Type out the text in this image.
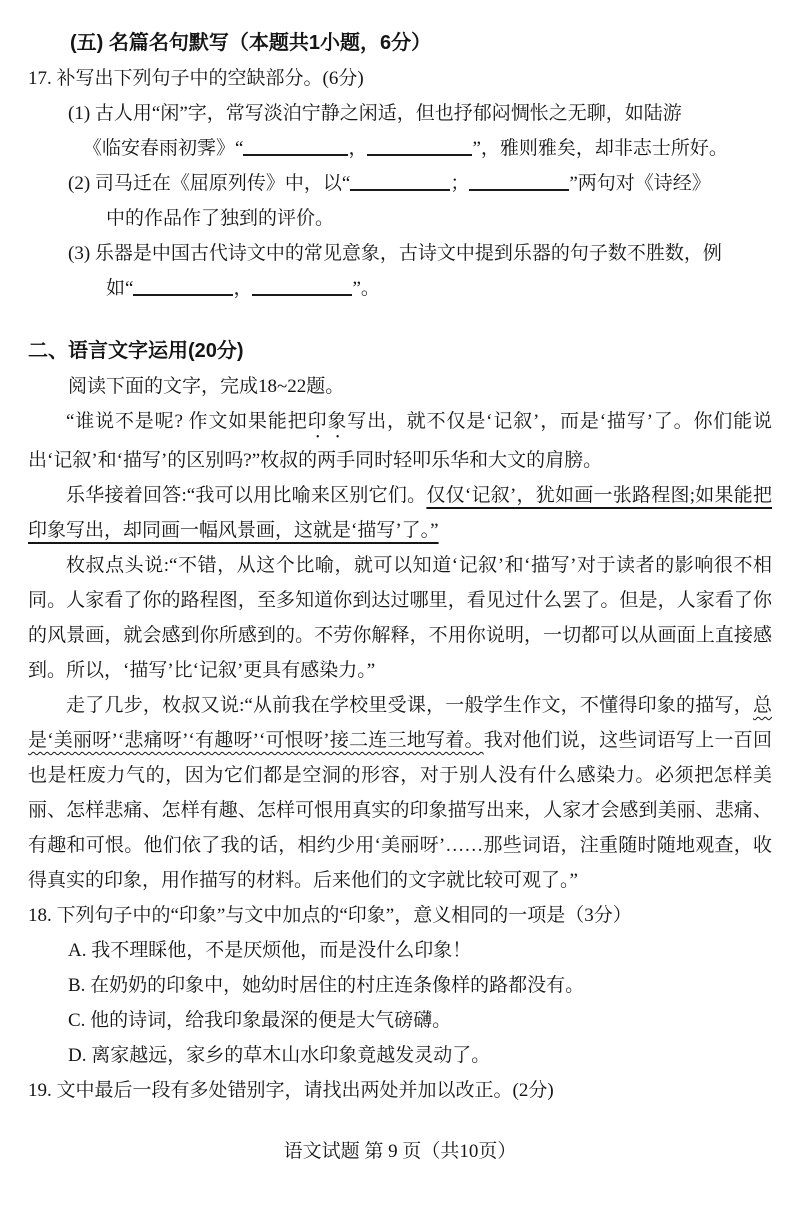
(五) 名篇名句默写（本题共1小题，6分）
17. 补写出下列句子中的空缺部分。(6分)
(1) 古人用“闲”字，常写淡泊宁静之闲适，但也抒郁闷惆怅之无聊，如陆游
《临安春雨初霁》“	，	”，雅则雅矣，却非志士所好。
(2) 司马迁在《屈原列传》中，以“	；	”两句对《诗经》
中的作品作了独到的评价。
(3) 乐器是中国古代诗文中的常见意象，古诗文中提到乐器的句子数不胜数，例
如“	，	”。
二、语言文字运用(20分)
阅读下面的文字，完成18~22题。
“谁说不是呢? 作文如果能把印象写出，就不仅是‘记叙’，而是‘描写’了。你们能说出‘记叙’和‘描写’的区别吗?”枚叔的两手同时轻叩乐华和大文的肩膀。
乐华接着回答:“我可以用比喻来区别它们。仅仅‘记叙’，犹如画一张路程图;如果能把印象写出，却同画一幅风景画，这就是‘描写’了。”
枚叔点头说:“不错，从这个比喻，就可以知道‘记叙’和‘描写’对于读者的影响很不相同。人家看了你的路程图，至多知道你到达过哪里，看见过什么罢了。但是，人家看了你的风景画，就会感到你所感到的。不劳你解释，不用你说明，一切都可以从画面上直接感到。所以，‘描写’比‘记叙’更具有感染力。”
走了几步，枚叔又说:“从前我在学校里受课，一般学生作文，不懂得印象的描写，总是‘美丽呀’‘悲痛呀’‘有趣呀’‘可恨呀’接二连三地写着。我对他们说，这些词语写上一百回也是枉废力气的，因为它们都是空洞的形容，对于别人没有什么感染力。必须把怎样美丽、怎样悲痛、怎样有趣、怎样可恨用真实的印象描写出来，人家才会感到美丽、悲痛、有趣和可恨。他们依了我的话，相约少用‘美丽呀’……那些词语，注重随时随地观查，收得真实的印象，用作描写的材料。后来他们的文字就比较可观了。”
18. 下列句子中的“印象”与文中加点的“印象”，意义相同的一项是（3分）
A. 我不理睬他，不是厌烦他，而是没什么印象！
B. 在奶奶的印象中，她幼时居住的村庄连条像样的路都没有。
C. 他的诗词，给我印象最深的便是大气磅礴。
D. 离家越远，家乡的草木山水印象竟越发灵动了。
19. 文中最后一段有多处错别字，请找出两处并加以改正。(2分)
语文试题 第 9 页（共10页）
